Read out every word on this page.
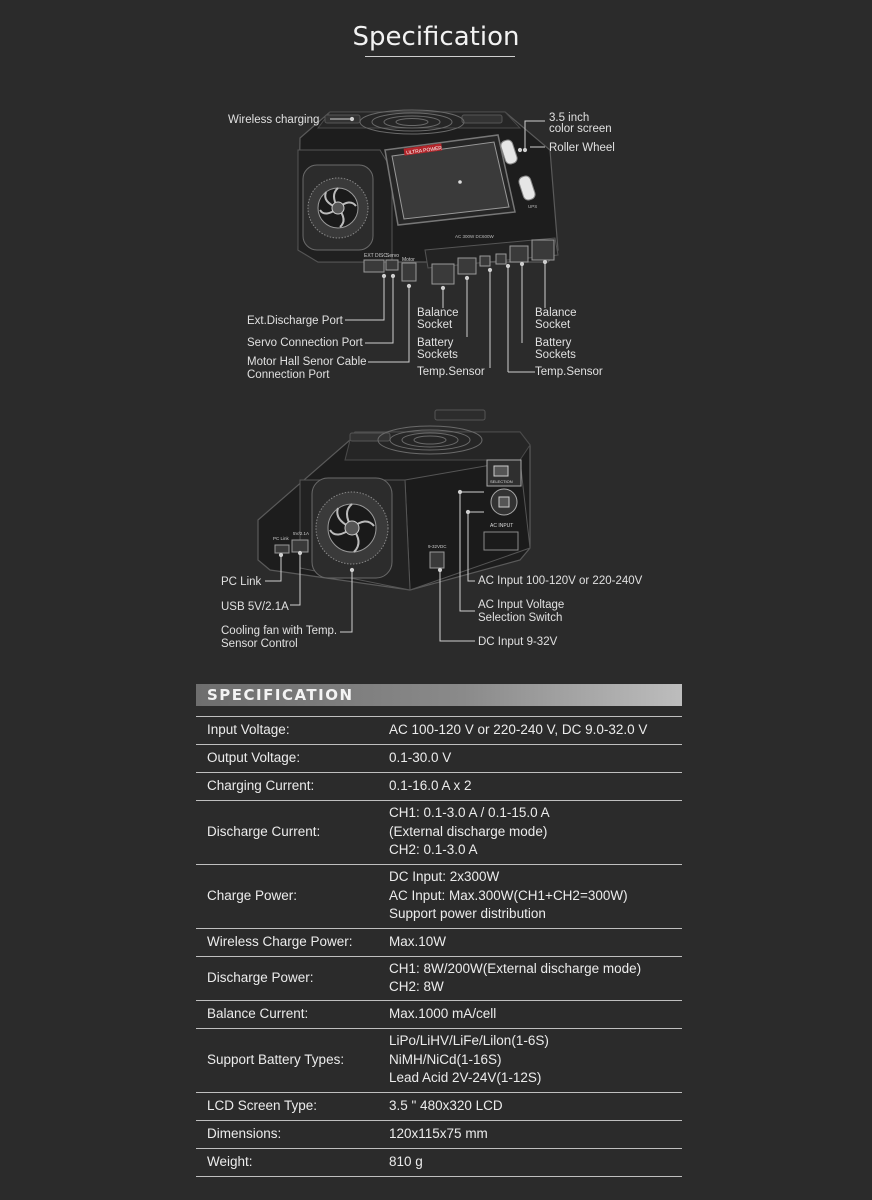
Specification
ULTRA POWER
UPS
AC 300W DC600W
EXT DISC Servo
Motor
Wireless charging	3.5 inch
color screen
Roller Wheel
Ext.Discharge Port
Servo Connection Port
Motor Hall Senor Cable
Connection Port
Balance
Socket
Battery
Sockets
Temp.Sensor
Balance
Socket
Battery
Sockets
Temp.Sensor
PC Link
5V/2.1A
9-32VDC
SELECTION
AC INPUT
PC Link
USB 5V/2.1A
Cooling fan with Temp.
Sensor Control
AC Input 100-120V or 220-240V
AC Input Voltage
Selection Switch
DC Input 9-32V
SPECIFICATION
Input Voltage:	AC 100-120 V or 220-240 V, DC 9.0-32.0 V
Output Voltage:	0.1-30.0 V
Charging Current:	0.1-16.0 A x 2
Discharge Current:
CH1: 0.1-3.0 A / 0.1-15.0 A
(External discharge mode)
CH2: 0.1-3.0 A
Charge Power:
DC Input: 2x300W
AC Input: Max.300W(CH1+CH2=300W)
Support power distribution
Wireless Charge Power:	Max.10W
Discharge Power:
CH1: 8W/200W(External discharge mode)
CH2: 8W
Balance Current:	Max.1000 mA/cell
Support Battery Types:
LiPo/LiHV/LiFe/Lilon(1-6S)
NiMH/NiCd(1-16S)
Lead Acid 2V-24V(1-12S)
LCD Screen Type:	3.5 " 480x320 LCD
Dimensions:	120x115x75 mm
Weight:	810 g
